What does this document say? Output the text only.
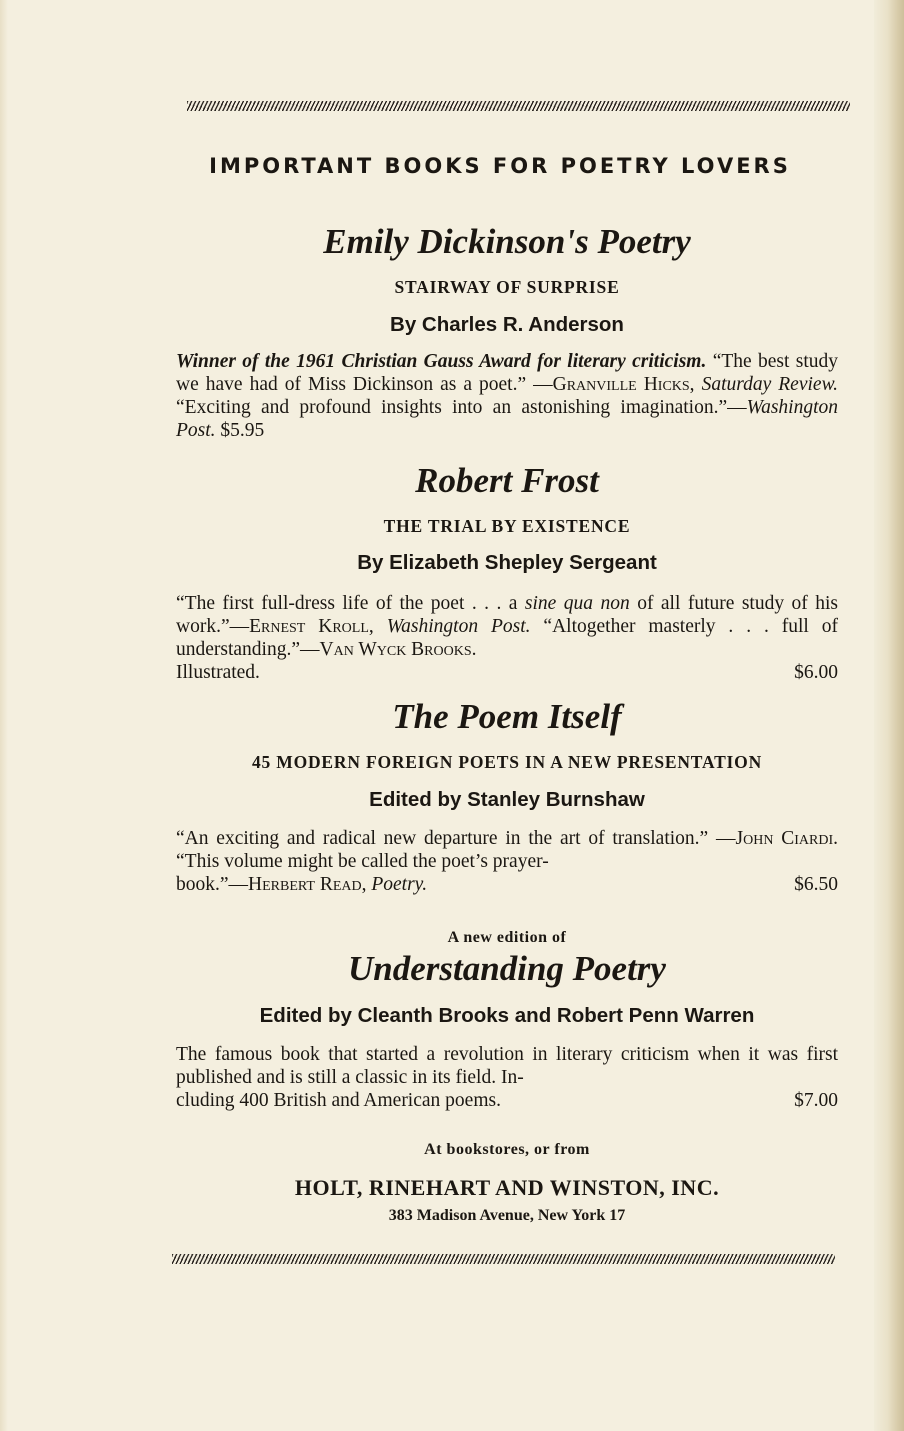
IMPORTANT BOOKS FOR POETRY LOVERS
Emily Dickinson's Poetry
STAIRWAY OF SURPRISE
By Charles R. Anderson

Winner of the 1961 Christian Gauss Award for literary criticism. “The best study we have had of Miss Dickinson as a poet.” —Granville Hicks, Saturday Review. “Exciting and profound insights into an astonishing imagination.”—Washington Post. $5.95

Robert Frost
THE TRIAL BY EXISTENCE
By Elizabeth Shepley Sergeant

“The first full-dress life of the poet . . . a sine qua non of all future study of his work.”—Ernest Kroll, Washington Post. “Altogether masterly . . . full of understanding.”—Van Wyck Brooks.

Illustrated.	$6.00
The Poem Itself
45 MODERN FOREIGN POETS IN A NEW PRESENTATION
Edited by Stanley Burnshaw

“An exciting and radical new departure in the art of translation.” —John Ciardi. “This volume might be called the poet’s prayer-

book.”—Herbert Read, Poetry.	$6.50
A new edition of
Understanding Poetry
Edited by Cleanth Brooks and Robert Penn Warren

The famous book that started a revolution in literary criticism when it was first published and is still a classic in its field. In-

cluding 400 British and American poems.	$7.00
At bookstores, or from
HOLT, RINEHART AND WINSTON, INC.
383 Madison Avenue, New York 17
